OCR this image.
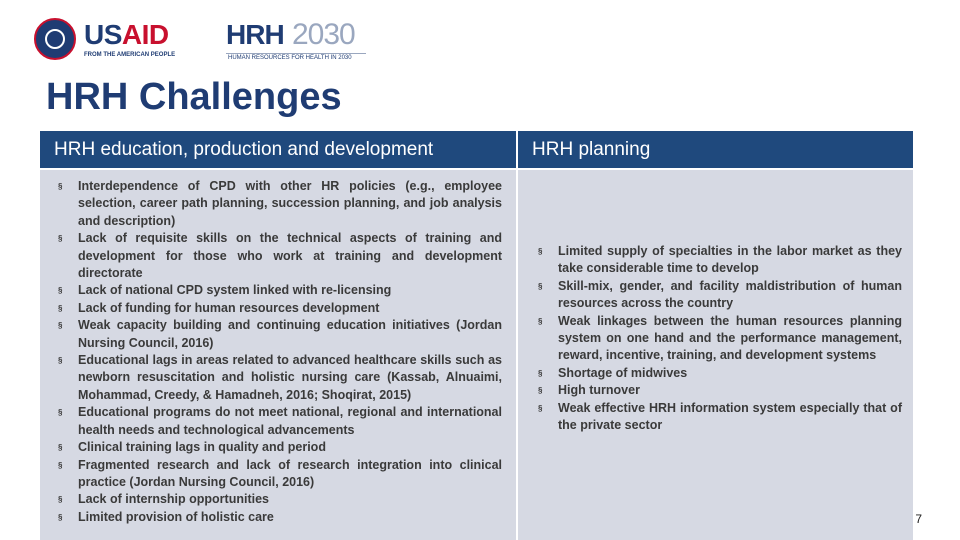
USAID
FROM THE AMERICAN PEOPLE
HRH 2030
HUMAN RESOURCES FOR HEALTH IN 2030
HRH Challenges
HRH education, production and development	HRH planning
§ Interdependence of CPD with other HR policies (e.g., employee selection, career path planning, succession planning, and job analysis and description)
§ Lack of requisite skills on the technical aspects of training and development for those who work at training and development directorate
§ Lack of national CPD system linked with re-licensing
§ Lack of funding for human resources development
§ Weak capacity building and continuing education initiatives (Jordan Nursing Council, 2016)
§ Educational lags in areas related to advanced healthcare skills such as newborn resuscitation and holistic nursing care (Kassab, Alnuaimi, Mohammad, Creedy, & Hamadneh, 2016; Shoqirat, 2015)
§ Educational programs do not meet national, regional and international health needs and technological advancements
§ Clinical training lags in quality and period
§ Fragmented research and lack of research integration into clinical practice (Jordan Nursing Council, 2016)
§ Lack of internship opportunities
§ Limited provision of holistic care
§ Limited supply of specialties in the labor market as they take considerable time to develop
§ Skill-mix, gender, and facility maldistribution of human resources across the country
§ Weak linkages between the human resources planning system on one hand and the performance management, reward, incentive, training, and development systems
§ Shortage of midwives
§ High turnover
§ Weak effective HRH information system especially that of the private sector
7
